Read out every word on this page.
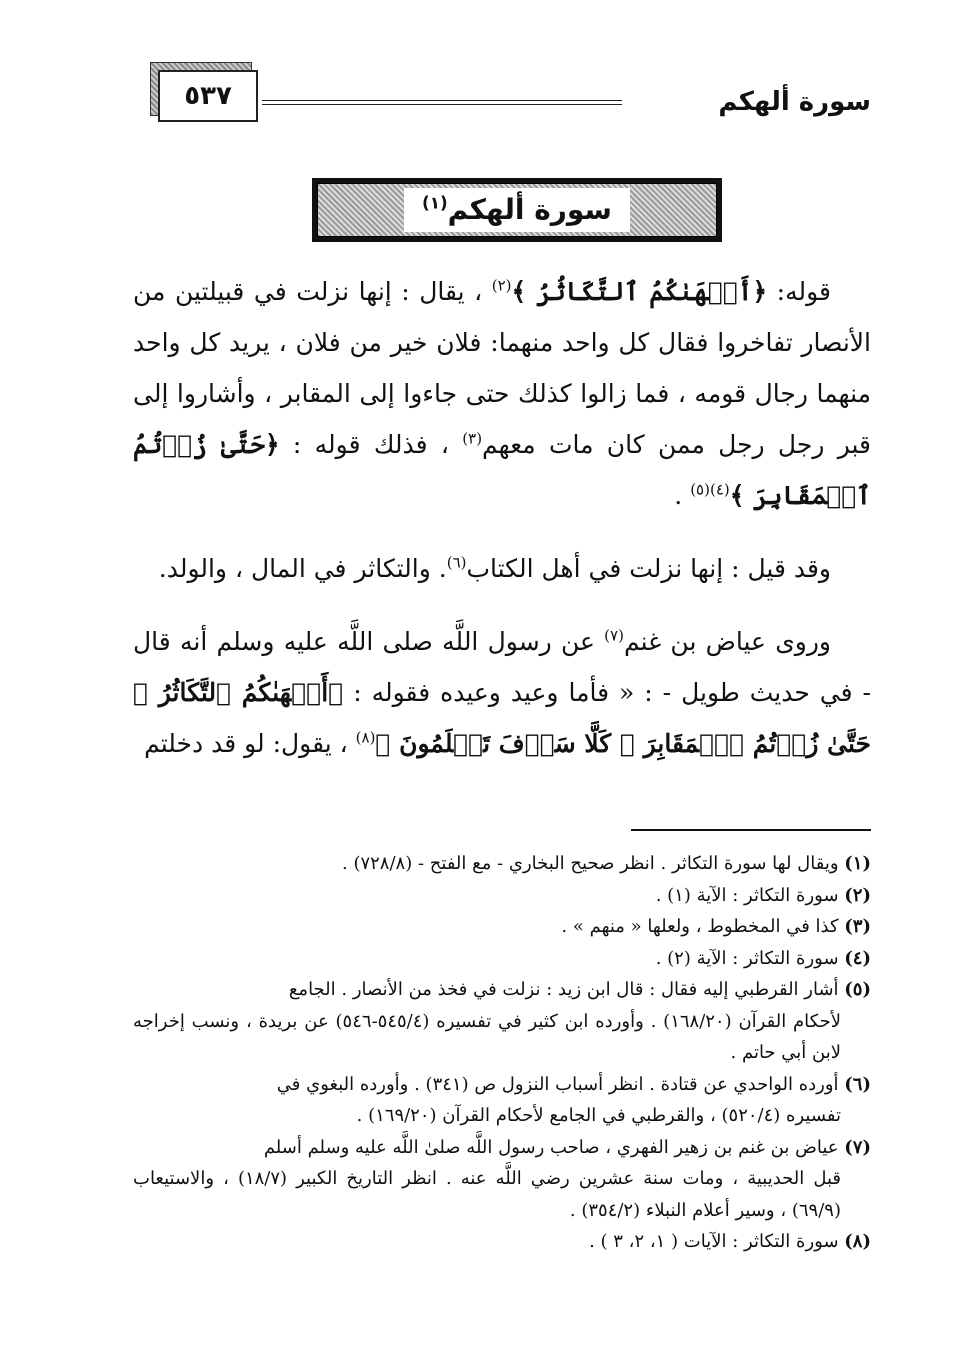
سورة ألهكم
٥٣٧
سورة ألهكم$^{(١)}$

قوله: ﴿أَلۡهَىٰكُمُ ٱلتَّكَاثُرُ ﴾$^{(٢)}$ ، يقال : إنها نزلت في قبيلتين من الأنصار تفاخروا فقال كل واحد منهما: فلان خير من فلان ، يريد كل واحد منهما رجال قومه ، فما زالوا كذلك حتى جاءوا إلى المقابر ، وأشاروا إلى قبر رجل رجل ممن كان مات معهم$^{(٣)}$ ، فذلك قوله : ﴿حَتَّىٰ زُرۡتُمُ ٱلۡمَقَابِرَ ﴾$^{(٤)(٥)}$ .

وقد قيل : إنها نزلت في أهل الكتاب$^{(٦)}$. والتكاثر في المال ، والولد.

وروى عياض بن غنم$^{(٧)}$ عن رسول اللَّه صلى اللَّه عليه وسلم أنه قال - في حديث طويل - : « فأما وعيد وعيده فقوله : ﴿أَلۡهَىٰكُمُ ٱلتَّكَاثُرُ ۞ حَتَّىٰ زُرۡتُمُ ٱلۡمَقَابِرَ ۞ كَلَّا سَوۡفَ تَعۡلَمُونَ ﴾$^{(٨)}$ ، يقول: لو قد دخلتم

(١) ويقال لها سورة التكاثر . انظر صحيح البخاري - مع الفتح - (٧٢٨/٨) .
(٢) سورة التكاثر : الآية (١) .
(٣) كذا في المخطوط ، ولعلها « منهم » .
(٤) سورة التكاثر : الآية (٢) .
(٥) أشار القرطبي إليه فقال : قال ابن زيد : نزلت في فخذ من الأنصار . الجامع
لأحكام القرآن (١٦٨/٢٠) . وأورده ابن كثير في تفسيره (٥٤٥/٤-٥٤٦) عن بريدة ، ونسب إخراجه لابن أبي حاتم .
(٦) أورده الواحدي عن قتادة . انظر أسباب النزول ص (٣٤١) . وأورده البغوي في
تفسيره (٥٢٠/٤) ، والقرطبي في الجامع لأحكام القرآن (١٦٩/٢٠) .
(٧) عياض بن غنم بن زهير الفهري ، صاحب رسول اللَّه صلىٰ اللَّه عليه وسلم أسلم
قبل الحديبية ، ومات سنة عشرين رضي اللَّه عنه . انظر التاريخ الكبير (١٨/٧) ، والاستيعاب (٦٩/٩) ، وسير أعلام النبلاء (٣٥٤/٢) .
(٨) سورة التكاثر : الآيات ( ١، ٢، ٣ ) .
